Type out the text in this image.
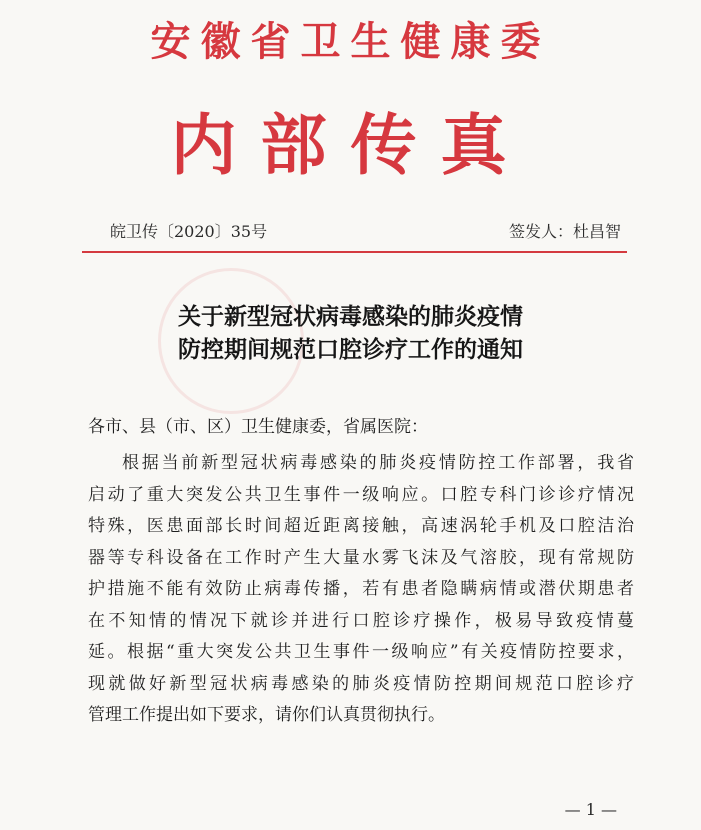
安徽省卫生健康委
内部传真
皖卫传〔2020〕35号	签发人：杜昌智
关于新型冠状病毒感染的肺炎疫情
防控期间规范口腔诊疗工作的通知
各市、县（市、区）卫生健康委，省属医院：
根据当前新型冠状病毒感染的肺炎疫情防控工作部署，我省
启动了重大突发公共卫生事件一级响应。口腔专科门诊诊疗情况
特殊，医患面部长时间超近距离接触，高速涡轮手机及口腔洁治
器等专科设备在工作时产生大量水雾飞沫及气溶胶，现有常规防
护措施不能有效防止病毒传播，若有患者隐瞒病情或潜伏期患者
在不知情的情况下就诊并进行口腔诊疗操作，极易导致疫情蔓
延。根据“重大突发公共卫生事件一级响应”有关疫情防控要求，
现就做好新型冠状病毒感染的肺炎疫情防控期间规范口腔诊疗
管理工作提出如下要求，请你们认真贯彻执行。
— 1 —
